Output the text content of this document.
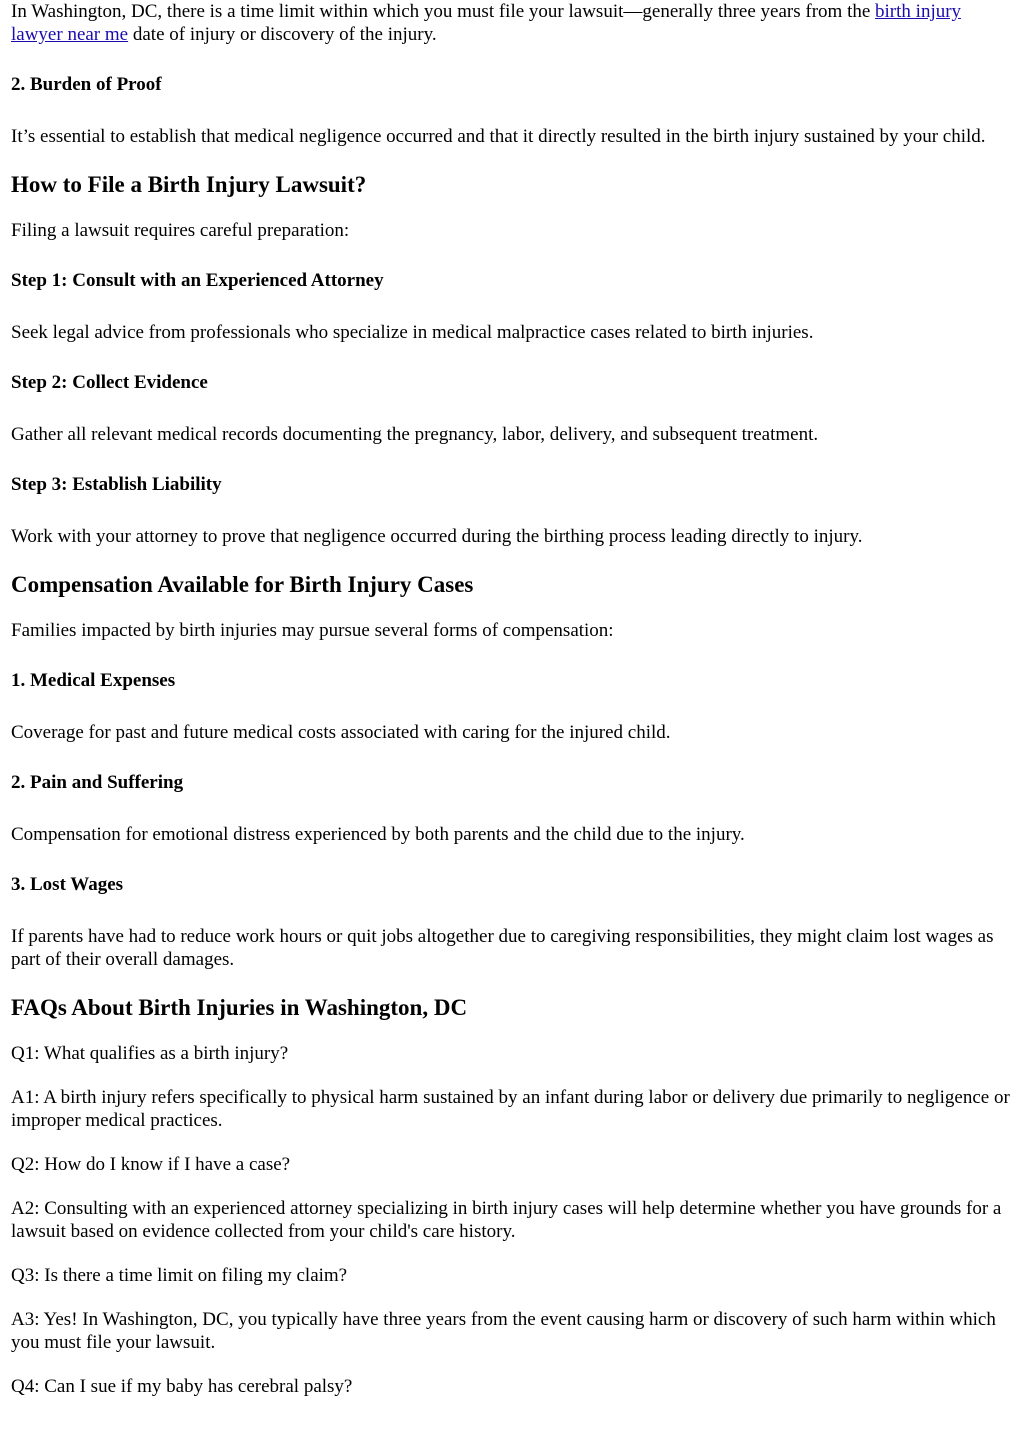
In Washington, DC, there is a time limit within which you must file your lawsuit—generally three years from the birth injury lawyer near me date of injury or discovery of the injury.

2. Burden of Proof

It’s essential to establish that medical negligence occurred and that it directly resulted in the birth injury sustained by your child.

How to File a Birth Injury Lawsuit?

Filing a lawsuit requires careful preparation:

Step 1: Consult with an Experienced Attorney

Seek legal advice from professionals who specialize in medical malpractice cases related to birth injuries.

Step 2: Collect Evidence

Gather all relevant medical records documenting the pregnancy, labor, delivery, and subsequent treatment.

Step 3: Establish Liability

Work with your attorney to prove that negligence occurred during the birthing process leading directly to injury.

Compensation Available for Birth Injury Cases

Families impacted by birth injuries may pursue several forms of compensation:

1. Medical Expenses

Coverage for past and future medical costs associated with caring for the injured child.

2. Pain and Suffering

Compensation for emotional distress experienced by both parents and the child due to the injury.

3. Lost Wages

If parents have had to reduce work hours or quit jobs altogether due to caregiving responsibilities, they might claim lost wages as part of their overall damages.

FAQs About Birth Injuries in Washington, DC

Q1: What qualifies as a birth injury?

A1: A birth injury refers specifically to physical harm sustained by an infant during labor or delivery due primarily to negligence or improper medical practices.

Q2: How do I know if I have a case?

A2: Consulting with an experienced attorney specializing in birth injury cases will help determine whether you have grounds for a lawsuit based on evidence collected from your child's care history.

Q3: Is there a time limit on filing my claim?

A3: Yes! In Washington, DC, you typically have three years from the event causing harm or discovery of such harm within which you must file your lawsuit.

Q4: Can I sue if my baby has cerebral palsy?
